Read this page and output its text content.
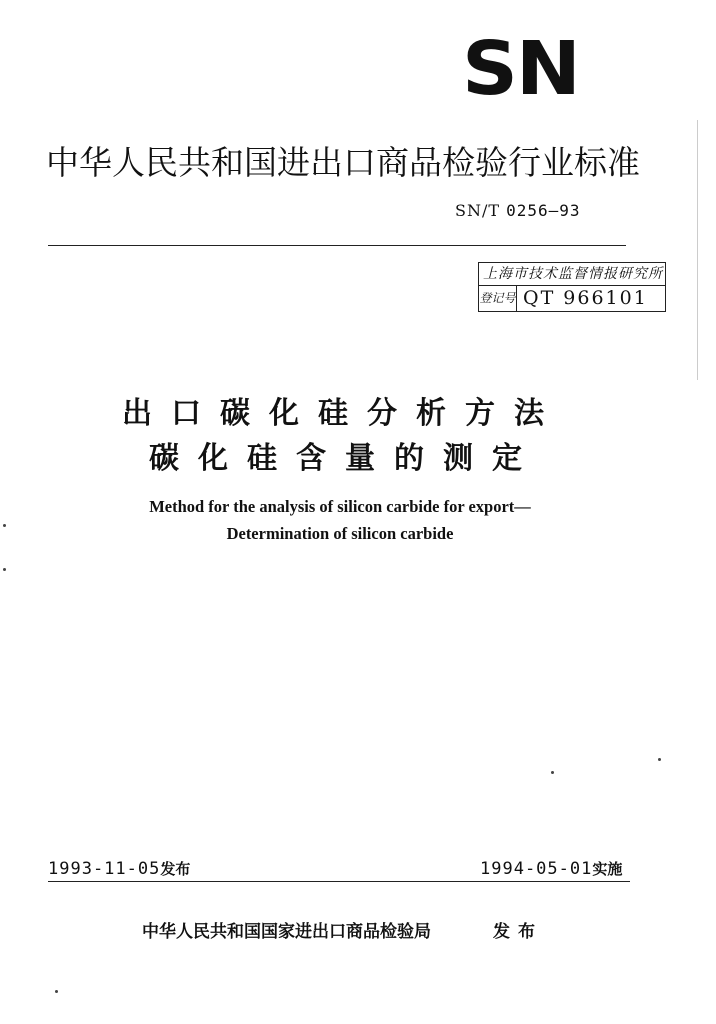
SN
中华人民共和国进出口商品检验行业标准
SN/T 0256—93
上海市技术监督情报研究所
登记号 QT 966101
出口碳化硅分析方法
碳化硅含量的测定
Method for the analysis of silicon carbide for export—
Determination of silicon carbide
1993-11-05发布	1994-05-01实施
中华人民共和国国家进出口商品检验局	发布
